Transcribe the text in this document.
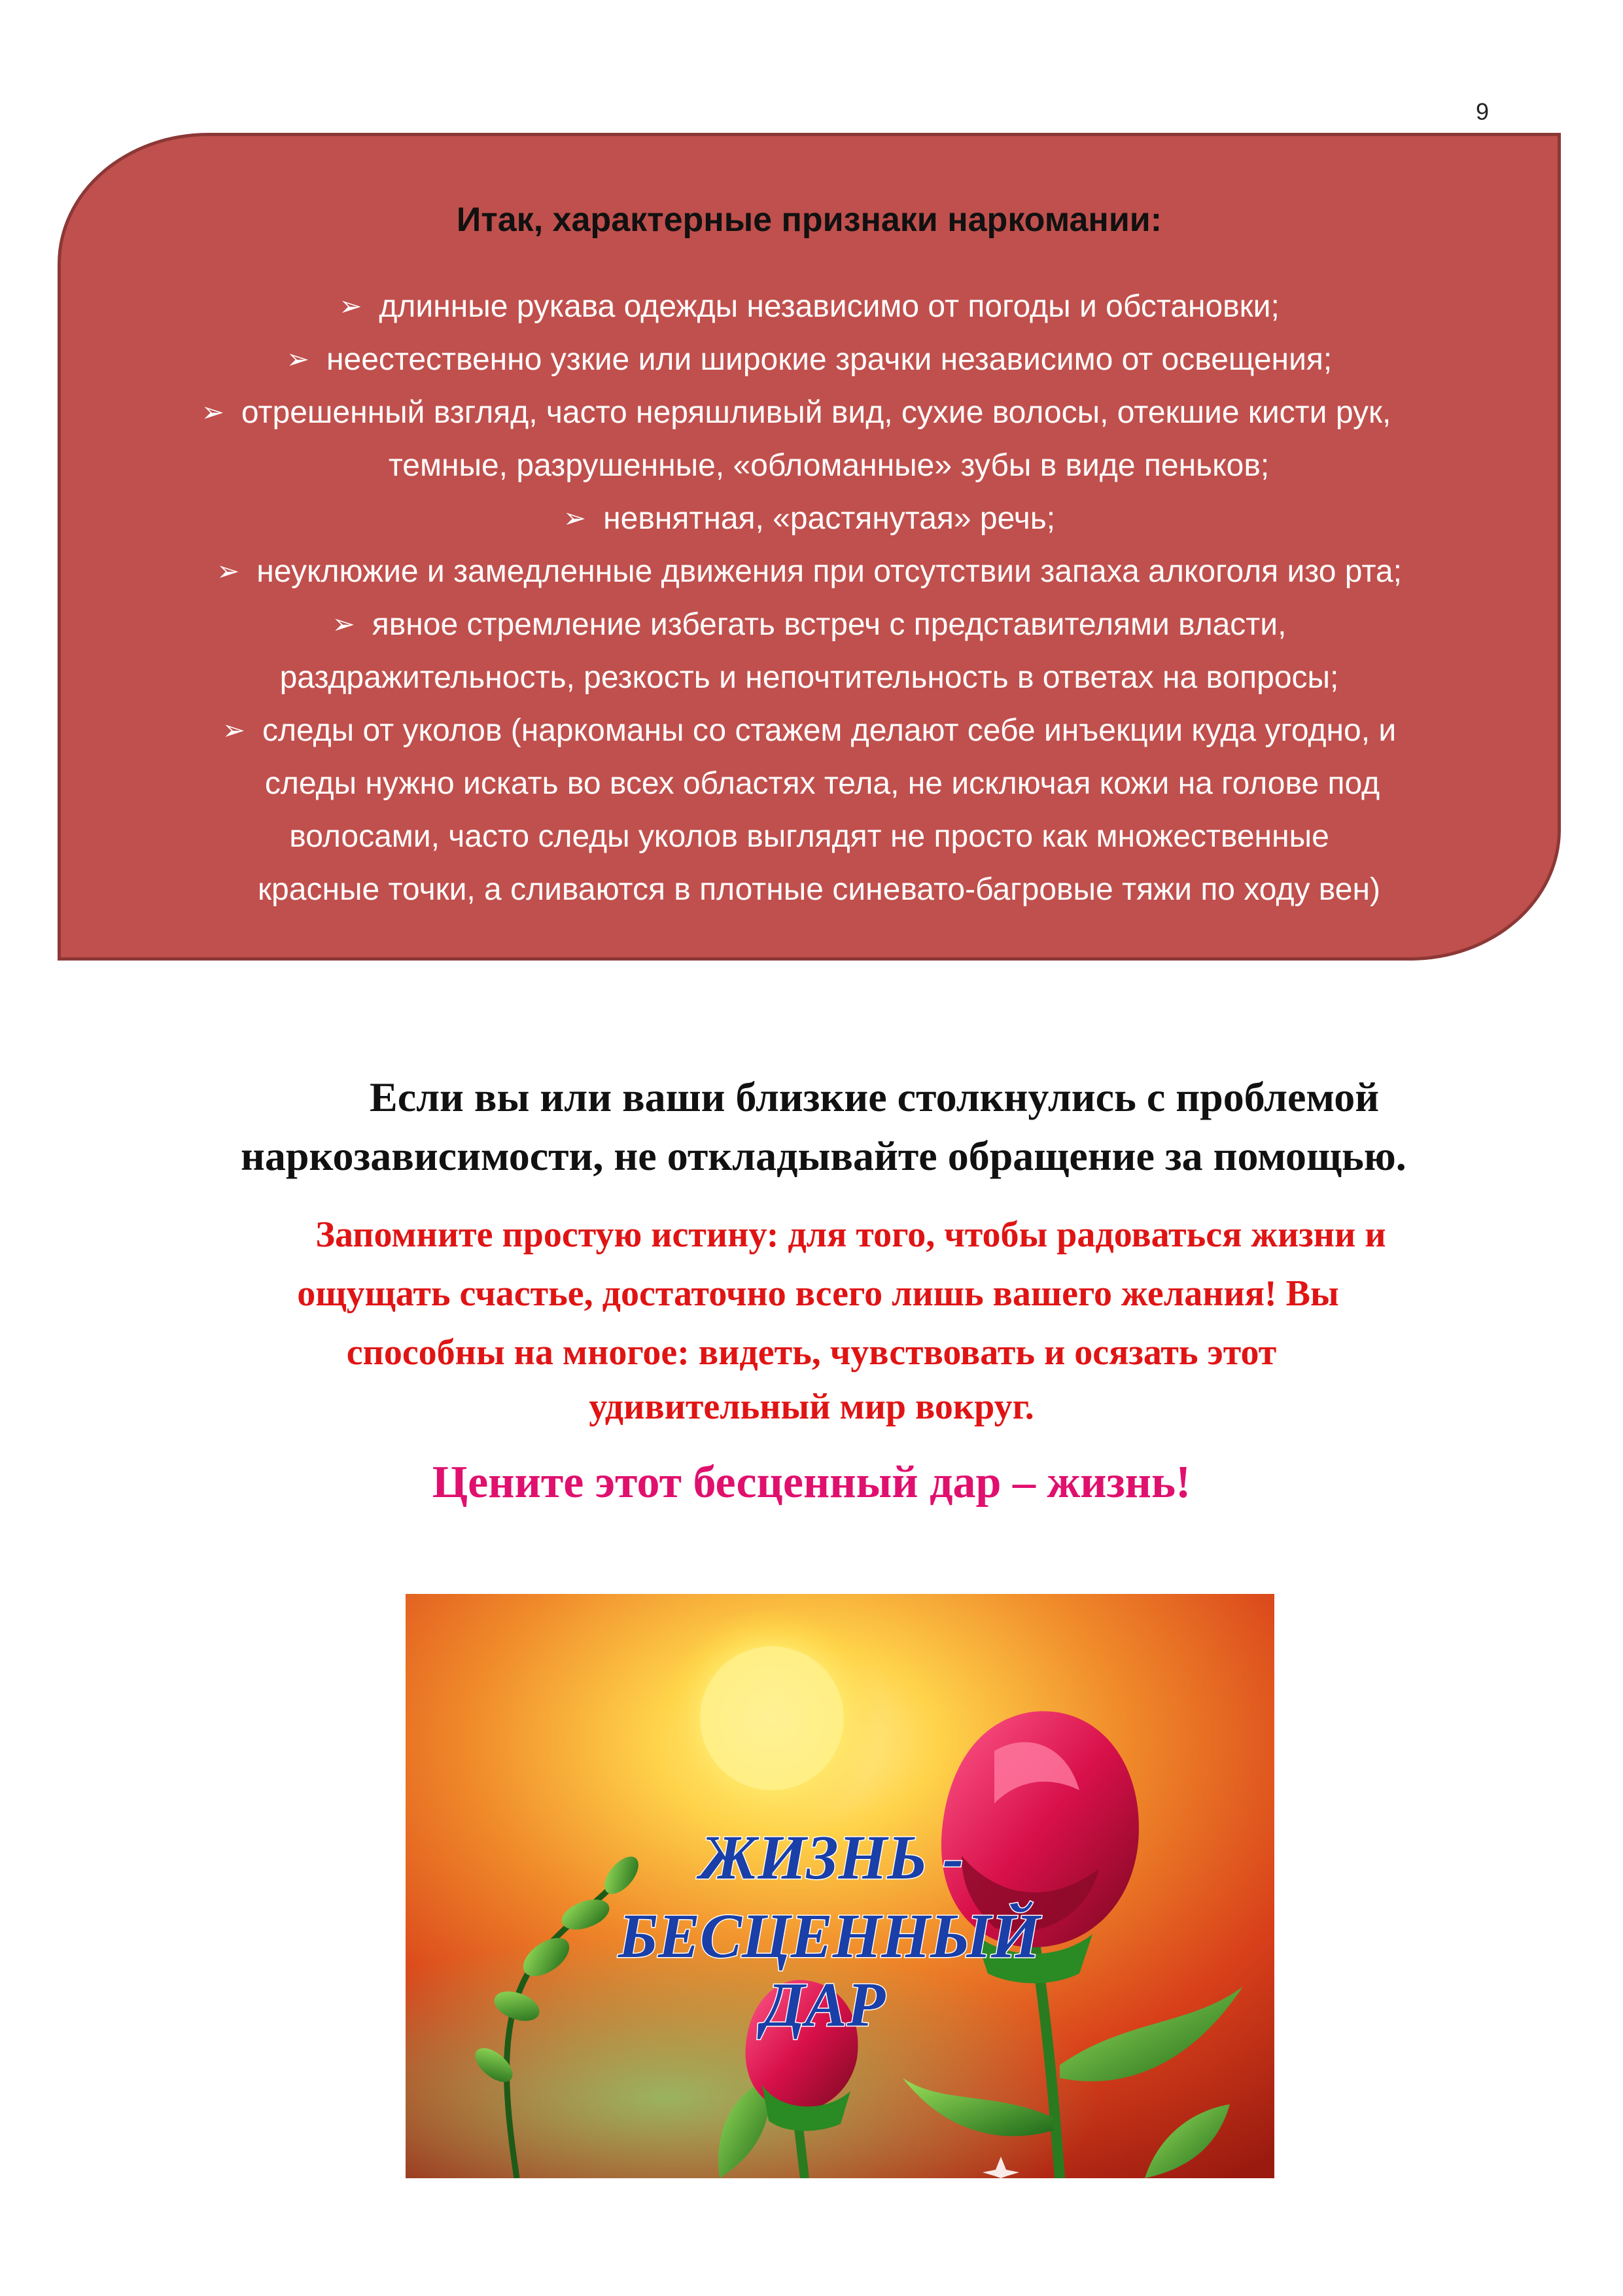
9
Итак, характерные признаки наркомании:
➢ длинные рукава одежды независимо от погоды и обстановки;
➢ неестественно узкие или широкие зрачки независимо от освещения;
➢ отрешенный взгляд, часто неряшливый вид, сухие волосы, отекшие кисти рук,
темные, разрушенные, «обломанные» зубы в виде пеньков;
➢ невнятная, «растянутая» речь;
➢ неуклюжие и замедленные движения при отсутствии запаха алкоголя изо рта;
➢ явное стремление избегать встреч с представителями власти,
раздражительность, резкость и непочтительность в ответах на вопросы;
➢ следы от уколов (наркоманы со стажем делают себе инъекции куда угодно, и
следы нужно искать во всех областях тела, не исключая кожи на голове под
волосами, часто следы уколов выглядят не просто как множественные
красные точки, а сливаются в плотные синевато-багровые тяжи по ходу вен)
Если вы или ваши близкие столкнулись с проблемой
наркозависимости, не откладывайте обращение за помощью.
Запомните простую истину: для того, чтобы радоваться жизни и
ощущать счастье, достаточно всего лишь вашего желания! Вы
способны на многое: видеть, чувствовать и осязать этот
удивительный мир вокруг.
Цените этот бесценный дар – жизнь!
ЖИЗНЬ -
БЕСЦЕННЫЙ
ДАР
